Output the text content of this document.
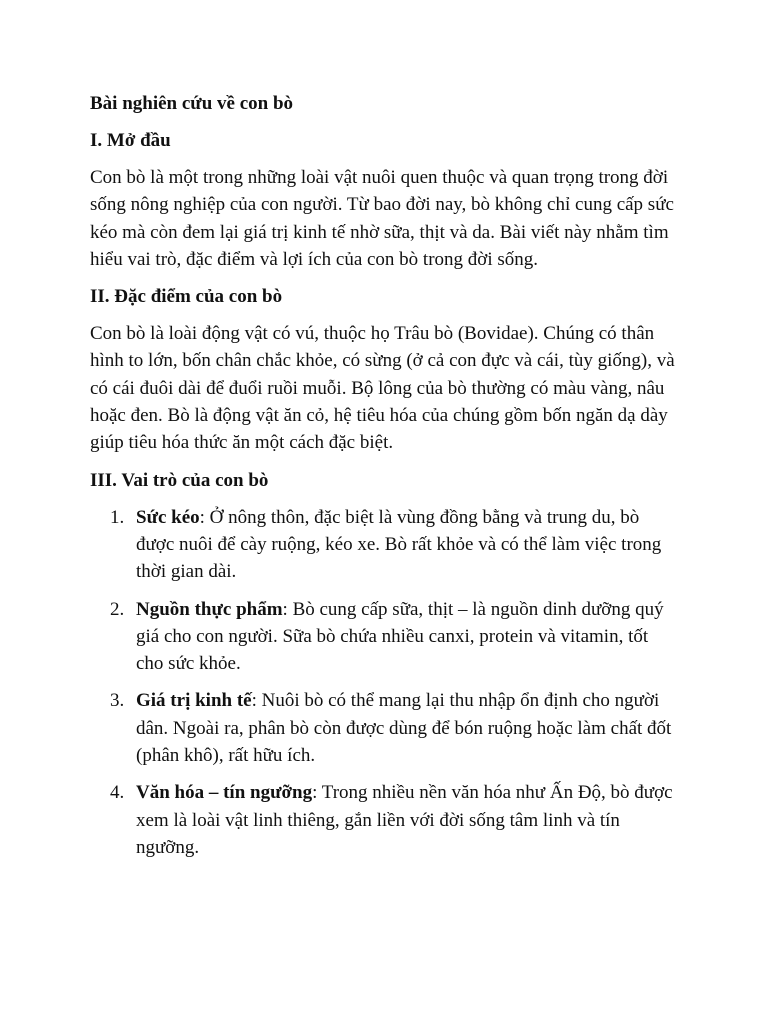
Bài nghiên cứu về con bò
I. Mở đầu

Con bò là một trong những loài vật nuôi quen thuộc và quan trọng trong đời sống nông nghiệp của con người. Từ bao đời nay, bò không chỉ cung cấp sức kéo mà còn đem lại giá trị kinh tế nhờ sữa, thịt và da. Bài viết này nhằm tìm hiểu vai trò, đặc điểm và lợi ích của con bò trong đời sống.

II. Đặc điểm của con bò

Con bò là loài động vật có vú, thuộc họ Trâu bò (Bovidae). Chúng có thân hình to lớn, bốn chân chắc khỏe, có sừng (ở cả con đực và cái, tùy giống), và có cái đuôi dài để đuổi ruồi muỗi. Bộ lông của bò thường có màu vàng, nâu hoặc đen. Bò là động vật ăn cỏ, hệ tiêu hóa của chúng gồm bốn ngăn dạ dày giúp tiêu hóa thức ăn một cách đặc biệt.

III. Vai trò của con bò
1. Sức kéo: Ở nông thôn, đặc biệt là vùng đồng bằng và trung du, bò được nuôi để cày ruộng, kéo xe. Bò rất khỏe và có thể làm việc trong thời gian dài.
2. Nguồn thực phẩm: Bò cung cấp sữa, thịt – là nguồn dinh dưỡng quý giá cho con người. Sữa bò chứa nhiều canxi, protein và vitamin, tốt cho sức khỏe.
3. Giá trị kinh tế: Nuôi bò có thể mang lại thu nhập ổn định cho người dân. Ngoài ra, phân bò còn được dùng để bón ruộng hoặc làm chất đốt (phân khô), rất hữu ích.
4. Văn hóa – tín ngưỡng: Trong nhiều nền văn hóa như Ấn Độ, bò được xem là loài vật linh thiêng, gắn liền với đời sống tâm linh và tín ngưỡng.
